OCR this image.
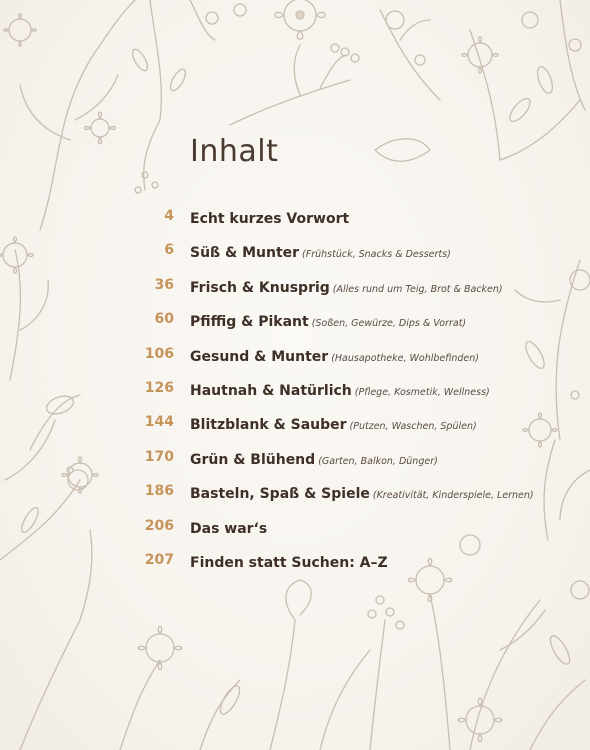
Inhalt
4 Echt kurzes Vorwort
6 Süß & Munter (Frühstück, Snacks & Desserts)
36 Frisch & Knusprig (Alles rund um Teig, Brot & Backen)
60 Pfiffig & Pikant (Soßen, Gewürze, Dips & Vorrat)
106 Gesund & Munter (Hausapotheke, Wohlbefinden)
126 Hautnah & Natürlich (Pflege, Kosmetik, Wellness)
144 Blitzblank & Sauber (Putzen, Waschen, Spülen)
170 Grün & Blühend (Garten, Balkon, Dünger)
186 Basteln, Spaß & Spiele (Kreativität, Kinderspiele, Lernen)
206 Das war‘s
207 Finden statt Suchen: A–Z
